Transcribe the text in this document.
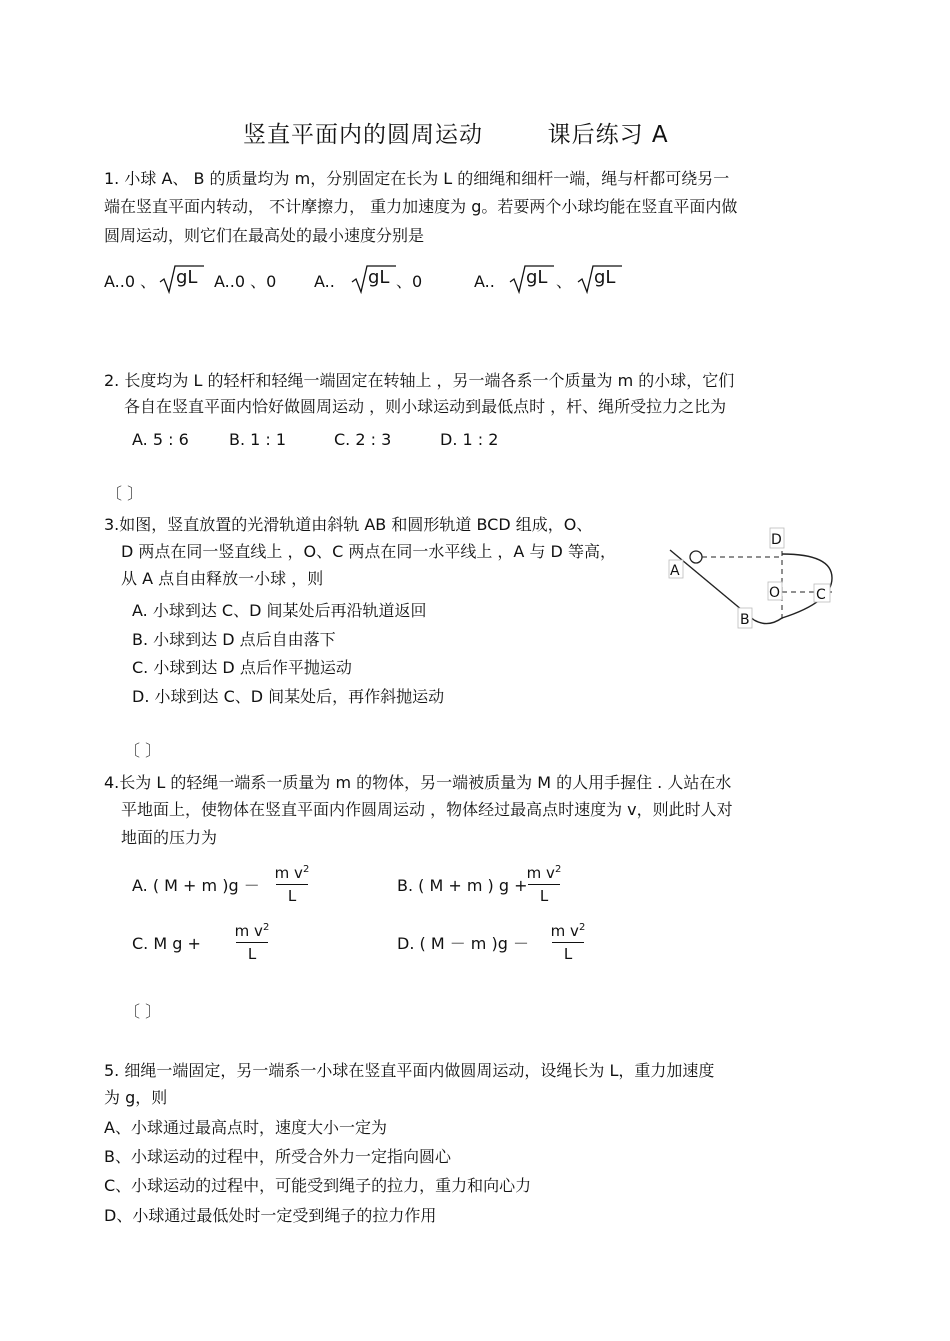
竖直平面内的圆周运动	课后练习 A
1. 小球 A、 B 的质量均为 m，分别固定在长为 L 的细绳和细杆一端，绳与杆都可绕另一
端在竖直平面内转动， 不计摩擦力， 重力加速度为 g。若要两个小球均能在竖直平面内做
圆周运动，则它们在最高处的最小速度分别是
A..0 、 gL A..0 、0 A.. gL 、0	A.. gL 、 gL
2. 长度均为 L 的轻杆和轻绳一端固定在转轴上 ，另一端各系一个质量为 m 的小球，它们
各自在竖直平面内恰好做圆周运动 ，则小球运动到最低点时 ，杆、绳所受拉力之比为
A. 5 : 6	B. 1 : 1	C. 2 : 3	D. 1 : 2
〔 〕
3.如图，竖直放置的光滑轨道由斜轨 AB 和圆形轨道 BCD 组成，O、
D 两点在同一竖直线上 ，O、C 两点在同一水平线上 ，A 与 D 等高，
从 A 点自由释放一小球 ，则
A. 小球到达 C、D 间某处后再沿轨道返回
B. 小球到达 D 点后自由落下
C. 小球到达 D 点后作平抛运动
D. 小球到达 C、D 间某处后，再作斜抛运动
〔 〕
A
D
O	C
B
4.长为 L 的轻绳一端系一质量为 m 的物体，另一端被质量为 M 的人用手握住 . 人站在水
平地面上，使物体在竖直平面内作圆周运动 ，物体经过最高点时速度为 v，则此时人对
地面的压力为
A. ( M + m )g －
m $v^2$
L
B. ( M + m ) g +
m $v^2$
L
C. M g +
m $v^2$
L
D. ( M － m )g －
m $v^2$
L
〔 〕
5. 细绳一端固定，另一端系一小球在竖直平面内做圆周运动，设绳长为 L，重力加速度
为 g，则
A、小球通过最高点时，速度大小一定为
B、小球运动的过程中，所受合外力一定指向圆心
C、小球运动的过程中，可能受到绳子的拉力，重力和向心力
D、小球通过最低处时一定受到绳子的拉力作用
